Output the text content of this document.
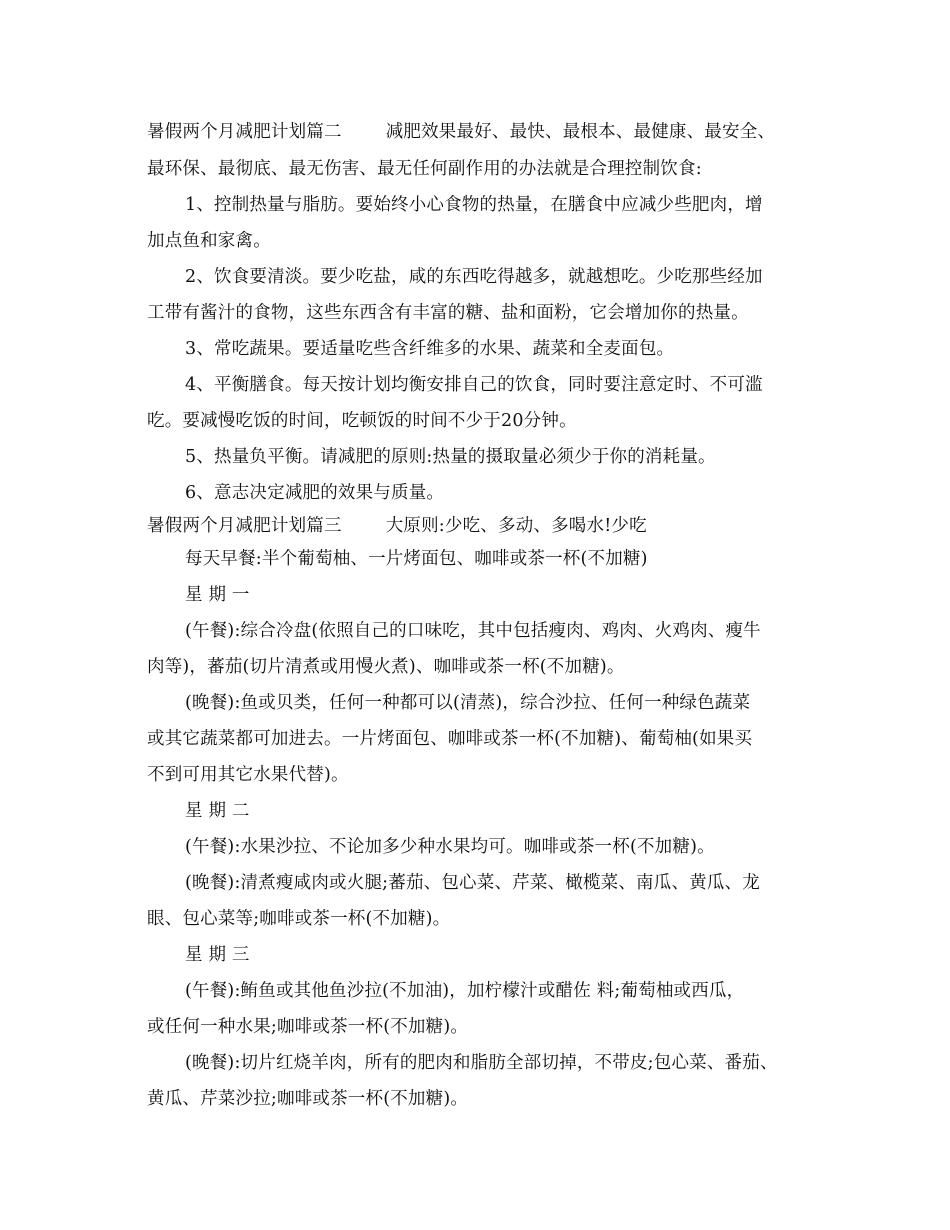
暑假两个月减肥计划篇二	减肥效果最好、最快、最根本、最健康、最安全、
最环保、最彻底、最无伤害、最无任何副作用的办法就是合理控制饮食:
1、控制热量与脂肪。要始终小心食物的热量，在膳食中应减少些肥肉，增
加点鱼和家禽。
2、饮食要清淡。要少吃盐，咸的东西吃得越多，就越想吃。少吃那些经加
工带有酱汁的食物，这些东西含有丰富的糖、盐和面粉，它会增加你的热量。
3、常吃蔬果。要适量吃些含纤维多的水果、蔬菜和全麦面包。
4、平衡膳食。每天按计划均衡安排自己的饮食，同时要注意定时、不可滥
吃。要减慢吃饭的时间，吃顿饭的时间不少于20分钟。
5、热量负平衡。请减肥的原则:热量的摄取量必须少于你的消耗量。
6、意志决定减肥的效果与质量。
暑假两个月减肥计划篇三	大原则:少吃、多动、多喝水!少吃
每天早餐:半个葡萄柚、一片烤面包、咖啡或茶一杯(不加糖)
星 期 一
(午餐):综合冷盘(依照自己的口味吃，其中包括瘦肉、鸡肉、火鸡肉、瘦牛
肉等)，蕃茄(切片清煮或用慢火煮)、咖啡或茶一杯(不加糖)。
(晚餐):鱼或贝类，任何一种都可以(清蒸)，综合沙拉、任何一种绿色蔬菜
或其它蔬菜都可加进去。一片烤面包、咖啡或茶一杯(不加糖)、葡萄柚(如果买
不到可用其它水果代替)。
星 期 二
(午餐):水果沙拉、不论加多少种水果均可。咖啡或茶一杯(不加糖)。
(晚餐):清煮瘦咸肉或火腿;蕃茄、包心菜、芹菜、橄榄菜、南瓜、黄瓜、龙
眼、包心菜等;咖啡或茶一杯(不加糖)。
星 期 三
(午餐):鲔鱼或其他鱼沙拉(不加油)，加柠檬汁或醋佐 料;葡萄柚或西瓜，
或任何一种水果;咖啡或茶一杯(不加糖)。
(晚餐):切片红烧羊肉，所有的肥肉和脂肪全部切掉，不带皮;包心菜、番茄、
黄瓜、芹菜沙拉;咖啡或茶一杯(不加糖)。
